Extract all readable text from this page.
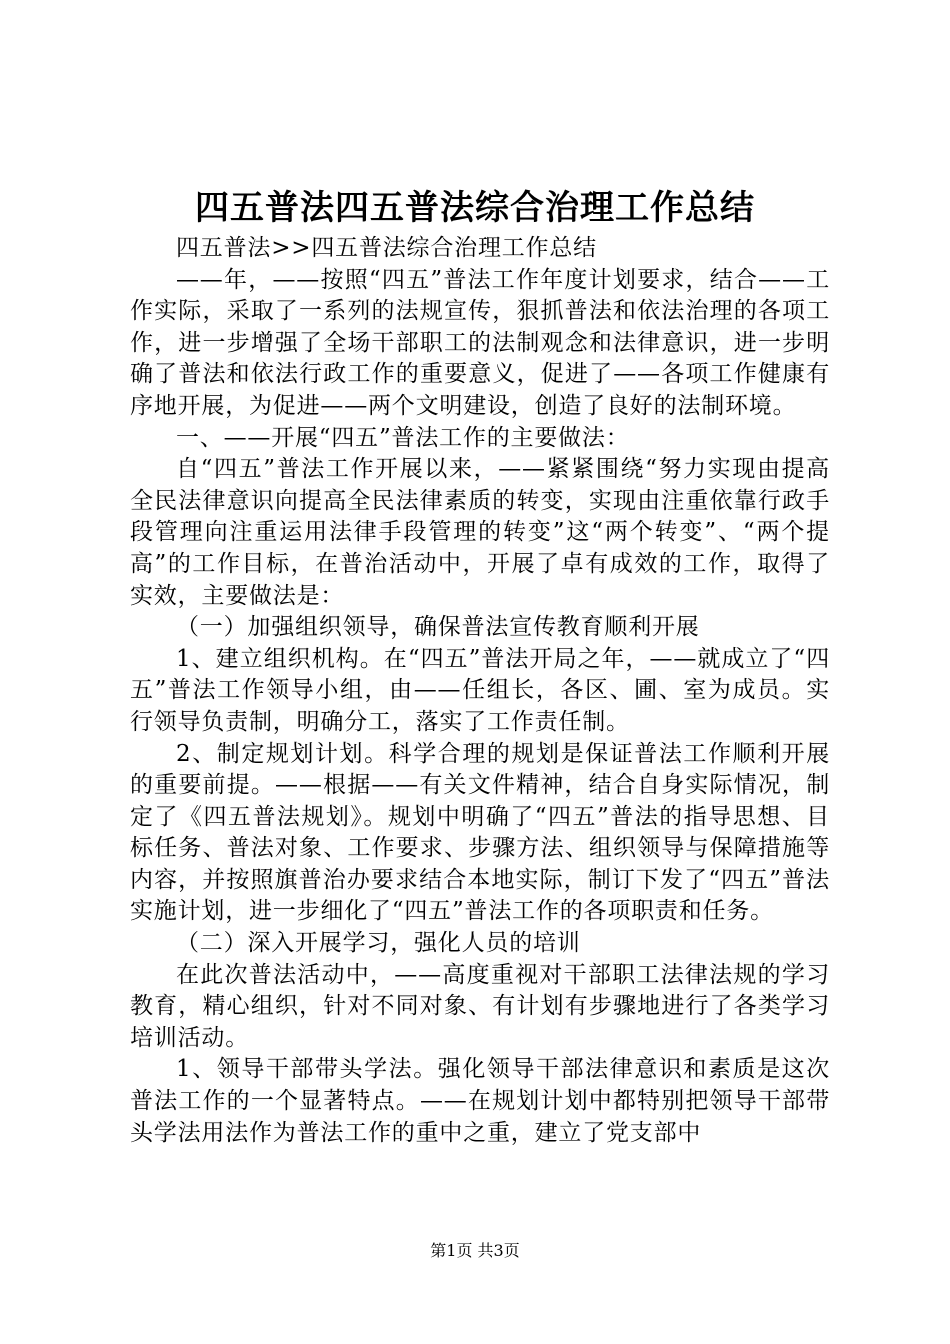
四五普法四五普法综合治理工作总结

四五普法>>四五普法综合治理工作总结

——年，——按照“四五”普法工作年度计划要求，结合——工作实际，采取了一系列的法规宣传，狠抓普法和依法治理的各项工作，进一步增强了全场干部职工的法制观念和法律意识，进一步明确了普法和依法行政工作的重要意义，促进了——各项工作健康有序地开展，为促进——两个文明建设，创造了良好的法制环境。

一、——开展“四五”普法工作的主要做法：

自“四五”普法工作开展以来，——紧紧围绕“努力实现由提高全民法律意识向提高全民法律素质的转变，实现由注重依靠行政手段管理向注重运用法律手段管理的转变”这“两个转变”、“两个提高”的工作目标，在普治活动中，开展了卓有成效的工作，取得了实效，主要做法是：

（一）加强组织领导，确保普法宣传教育顺利开展

1、建立组织机构。在“四五”普法开局之年，——就成立了“四五”普法工作领导小组，由——任组长，各区、圃、室为成员。实行领导负责制，明确分工，落实了工作责任制。

2、制定规划计划。科学合理的规划是保证普法工作顺利开展的重要前提。——根据——有关文件精神，结合自身实际情况，制定了《四五普法规划》。规划中明确了“四五”普法的指导思想、目标任务、普法对象、工作要求、步骤方法、组织领导与保障措施等内容，并按照旗普治办要求结合本地实际，制订下发了“四五”普法实施计划，进一步细化了“四五”普法工作的各项职责和任务。

（二）深入开展学习，强化人员的培训

在此次普法活动中，——高度重视对干部职工法律法规的学习教育，精心组织，针对不同对象、有计划有步骤地进行了各类学习培训活动。

1、领导干部带头学法。强化领导干部法律意识和素质是这次普法工作的一个显著特点。——在规划计划中都特别把领导干部带头学法用法作为普法工作的重中之重，建立了党支部中

第1页 共3页
